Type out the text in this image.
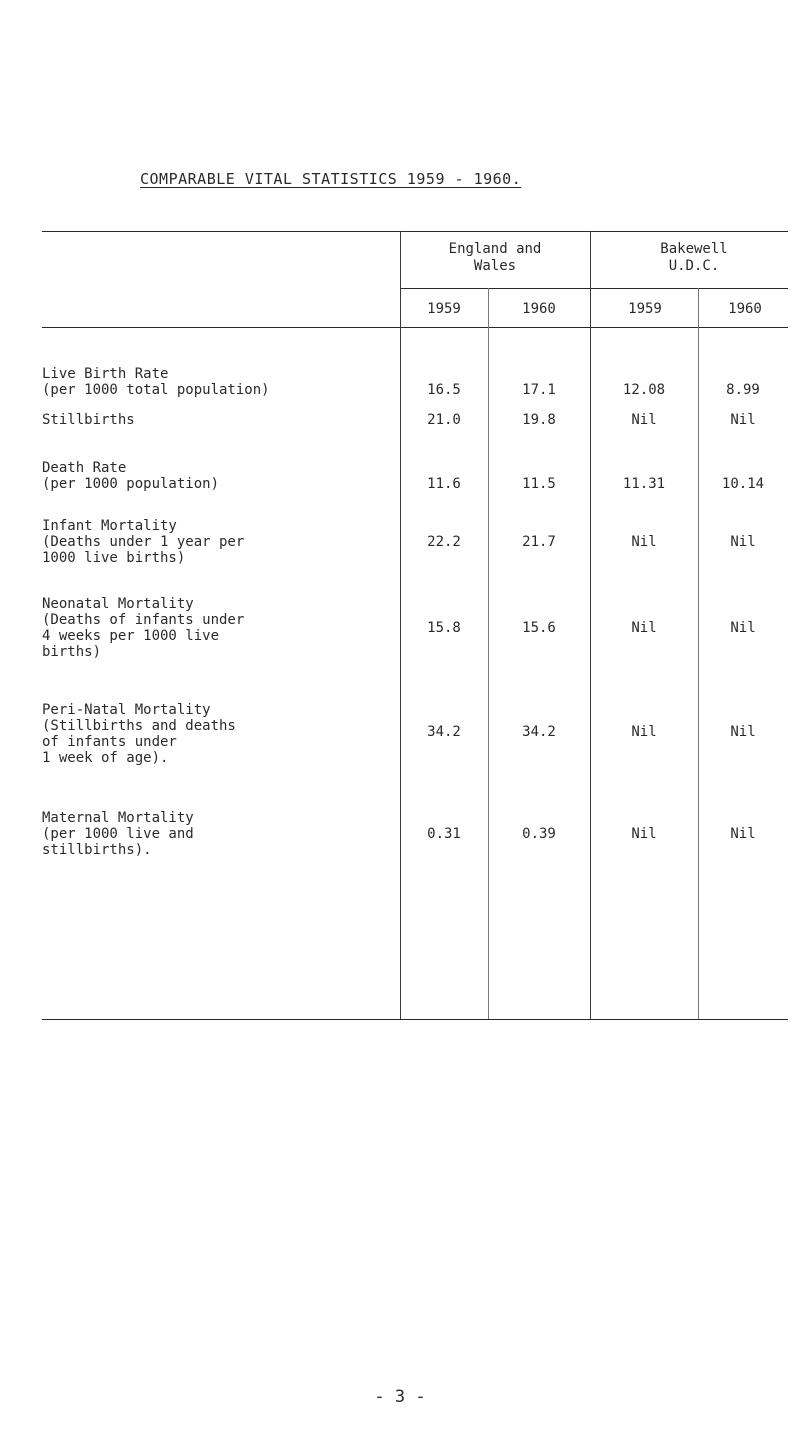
COMPARABLE VITAL STATISTICS 1959 - 1960.
England and
Wales
Bakewell
U.D.C.
1959	1960	1959	1960
Live Birth Rate
(per 1000 total population)	16.5	17.1	12.08	8.99
Stillbirths	21.0	19.8	Nil	Nil
Death Rate
(per 1000 population)	11.6	11.5	11.31	10.14
Infant Mortality
(Deaths under 1 year per
1000 live births)
22.2	21.7	Nil	Nil
Neonatal Mortality
(Deaths of infants under
4 weeks per 1000 live
births)
15.8	15.6	Nil	Nil
Peri-Natal Mortality
(Stillbirths and deaths
of infants under
1 week of age).
34.2	34.2	Nil	Nil
Maternal Mortality
(per 1000 live and
stillbirths).
0.31	0.39	Nil	Nil
- 3 -
